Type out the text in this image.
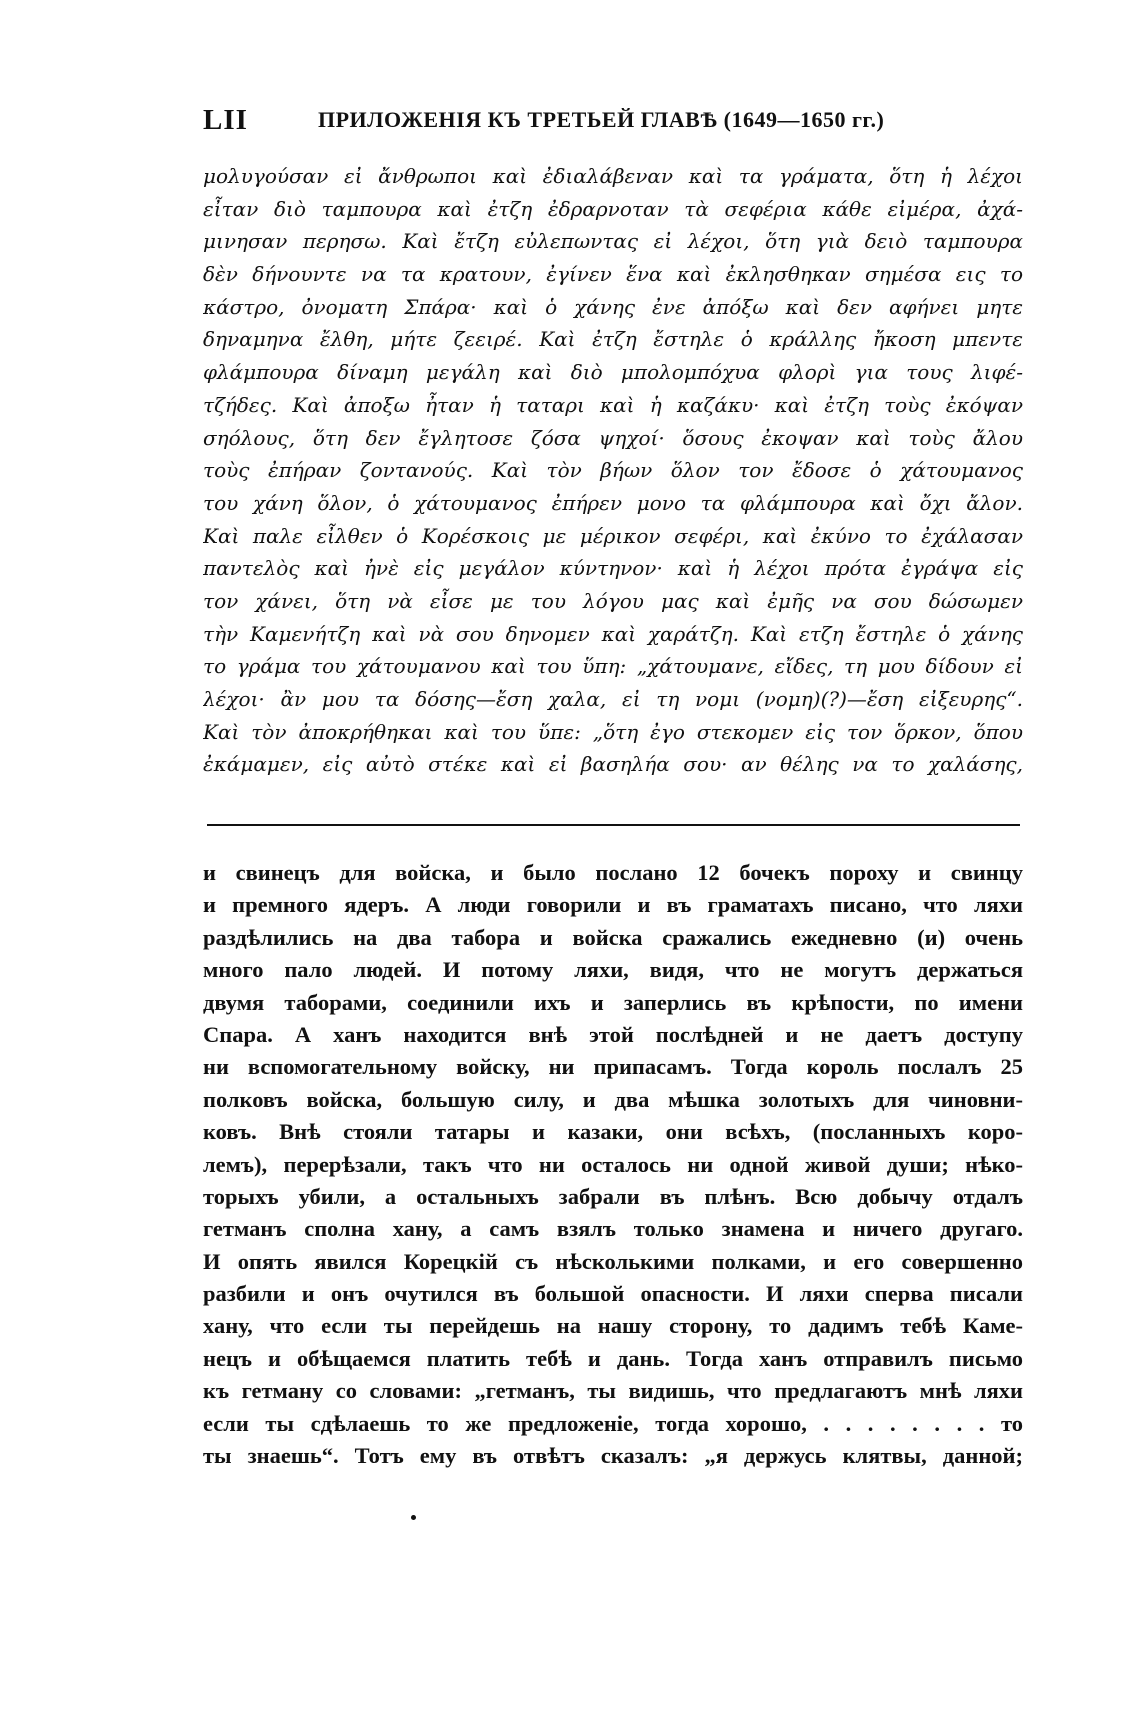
LII	ПРИЛОЖЕНІЯ КЪ ТРЕТЬЕЙ ГЛАВѢ (1649—1650 гг.)
μολυγούσαν εἰ ἄνθρωποι καὶ ἐδιαλάβεναν καὶ τα γράματα, ὅτη ἡ λέχοι
εἶταν διὸ ταμπουρα καὶ ἐτζη ἐδραρνοταν τὰ σεφέρια κάθε εἰμέρα, ἀχά-
μινησαν περησω. Καὶ ἔτζη εὐλεπωντας εἰ λέχοι, ὅτη γιὰ δειὸ ταμπουρα
δὲν δήνουντε να τα κρατουν, ἐγίνεν ἕνα καὶ ἐκλησθηκαν σημέσα εις το
κάστρο, ὀνοματη Σπάρα· καὶ ὁ χάνης ἐνε ἀπόξω καὶ δεν αφήνει μητε
δηναμηνα ἔλθη, μήτε ζεειρέ. Καὶ ἐτζη ἔστηλε ὁ κράλλης ἤκοση μπεντε
φλάμπουρα δίναμη μεγάλη καὶ διὸ μπολομπόχυα φλορὶ για τους λιφέ-
τζήδες. Καὶ ἀποξω ἦταν ἡ ταταρι καὶ ἡ καζάκυ· καὶ ἐτζη τοὺς ἐκόψαν
σηόλους, ὅτη δεν ἔγλητοσε ζόσα ψηχοί· ὅσους ἐκοψαν καὶ τοὺς ἄλου
τοὺς ἐπήραν ζοντανούς. Καὶ τὸν βήων ὅλον τον ἔδοσε ὁ χάτουμανος
του χάνη ὅλον, ὁ χάτουμανος ἐπήρεν μονο τα φλάμπουρα καὶ ὄχι ἄλον.
Καὶ παλε εἶλθεν ὁ Κορέσκοις με μέρικον σεφέρι, καὶ ἐκύνο το ἐχάλασαν
παντελὸς καὶ ἠνὲ εἰς μεγάλον κύντηνον· καὶ ἡ λέχοι πρότα ἐγράψα εἰς
τον χάνει, ὅτη νὰ εἶσε με του λόγου μας καὶ ἐμῆς να σου δώσωμεν
τὴν Καμενήτζη καὶ νὰ σου δηνομεν καὶ χαράτζη. Καὶ ετζη ἔστηλε ὁ χάνης
το γράμα του χάτουμανου καὶ του ὕπη: „χάτουμανε, εἴδες, τη μου δίδουν εἰ
λέχοι· ἂν μου τα δόσης—ἔση χαλα, εἰ τη νομι (νομη)(?)—ἔση εἰξευρης“.
Καὶ τὸν ἀποκρήθηκαι καὶ του ὕπε: „ὅτη ἐγο στεκομεν εἰς τον ὅρκον, ὅπου
ἐκάμαμεν, εἰς αὐτὸ στέκε καὶ εἰ βασηλήα σου· αν θέλης να το χαλάσης,
и свинецъ для войска, и было послано 12 бочекъ пороху и свинцу
и премного ядеръ. А люди говорили и въ граматахъ писано, что ляхи
раздѣлились на два табора и войска сражались ежедневно (и) очень
много пало людей. И потому ляхи, видя, что не могутъ держаться
двумя таборами, соединили ихъ и заперлись въ крѣпости, по имени
Спара. А ханъ находится внѣ этой послѣдней и не даетъ доступу
ни вспомогательному войску, ни припасамъ. Тогда король послалъ 25
полковъ войска, большую силу, и два мѣшка золотыхъ для чиновни-
ковъ. Внѣ стояли татары и казаки, они всѣхъ, (посланныхъ коро-
лемъ), перерѣзали, такъ что ни осталось ни одной живой души; нѣко-
торыхъ убили, а остальныхъ забрали въ плѣнъ. Всю добычу отдалъ
гетманъ сполна хану, а самъ взялъ только знамена и ничего другаго.
И опять явился Корецкій съ нѣсколькими полками, и его совершенно
разбили и онъ очутился въ большой опасности. И ляхи сперва писали
хану, что если ты перейдешь на нашу сторону, то дадимъ тебѣ Каме-
нецъ и обѣщаемся платить тебѣ и дань. Тогда ханъ отправилъ письмо
къ гетману со словами: „гетманъ, ты видишь, что предлагаютъ мнѣ ляхи
если ты сдѣлаешь то же предложеніе, тогда хорошо, . . . . . . . . то
ты знаешь“. Тотъ ему въ отвѣтъ сказалъ: „я держусь клятвы, данной;
